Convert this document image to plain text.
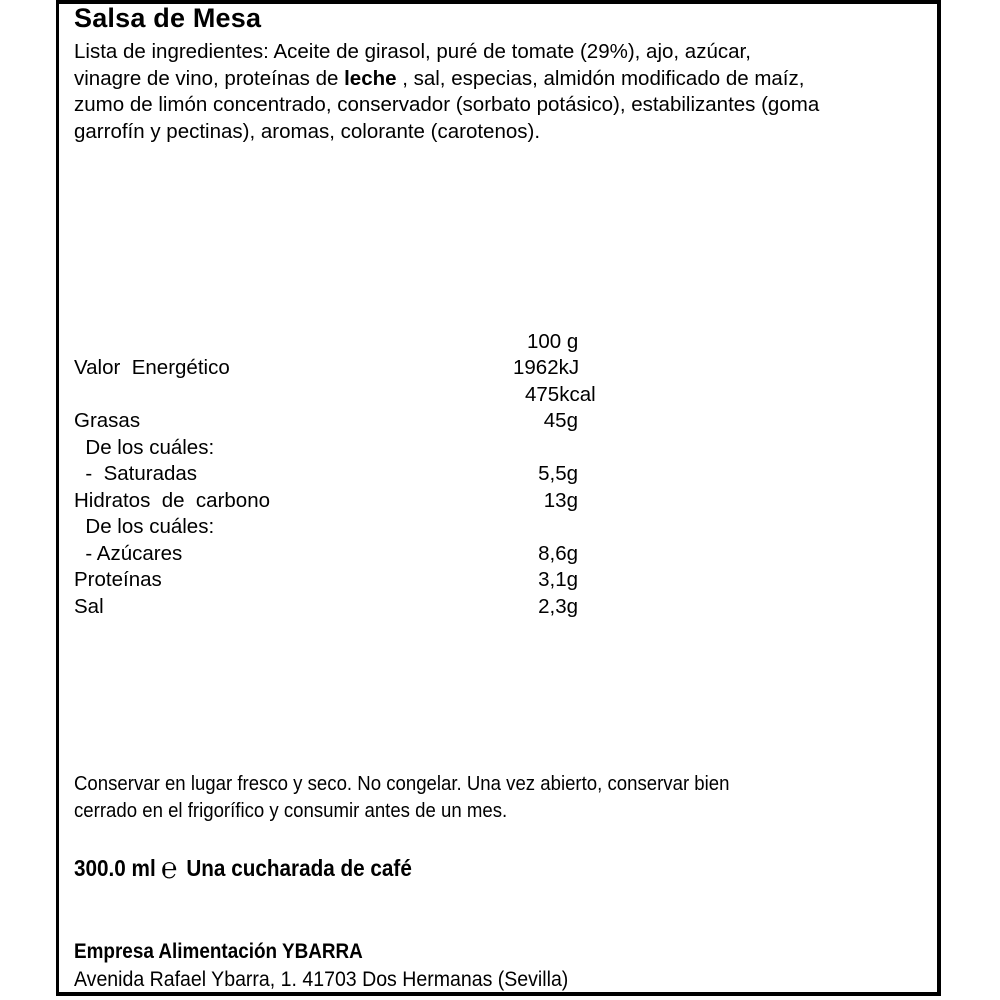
Salsa de Mesa

Lista de ingredientes: Aceite de girasol, puré de tomate (29%), ajo, azúcar,

vinagre de vino, proteínas de leche , sal, especias, almidón modificado de maíz,

zumo de limón concentrado, conservador (sorbato potásico), estabilizantes (goma

garrofín y pectinas), aromas, colorante (carotenos).

100 g
Valor  Energético	1962kJ
475kcal
Grasas	45g
De los cuáles:
-  Saturadas	5,5g
Hidratos  de  carbono	13g
De los cuáles:
- Azúcares	8,6g
Proteínas	3,1g
Sal	2,3g

Conservar en lugar fresco y seco. No congelar. Una vez abierto, conservar bien

cerrado en el frigorífico y consumir antes de un mes.

300.0 ml ℮ Una cucharada de café
Empresa Alimentación YBARRA
Avenida Rafael Ybarra, 1. 41703 Dos Hermanas (Sevilla)
